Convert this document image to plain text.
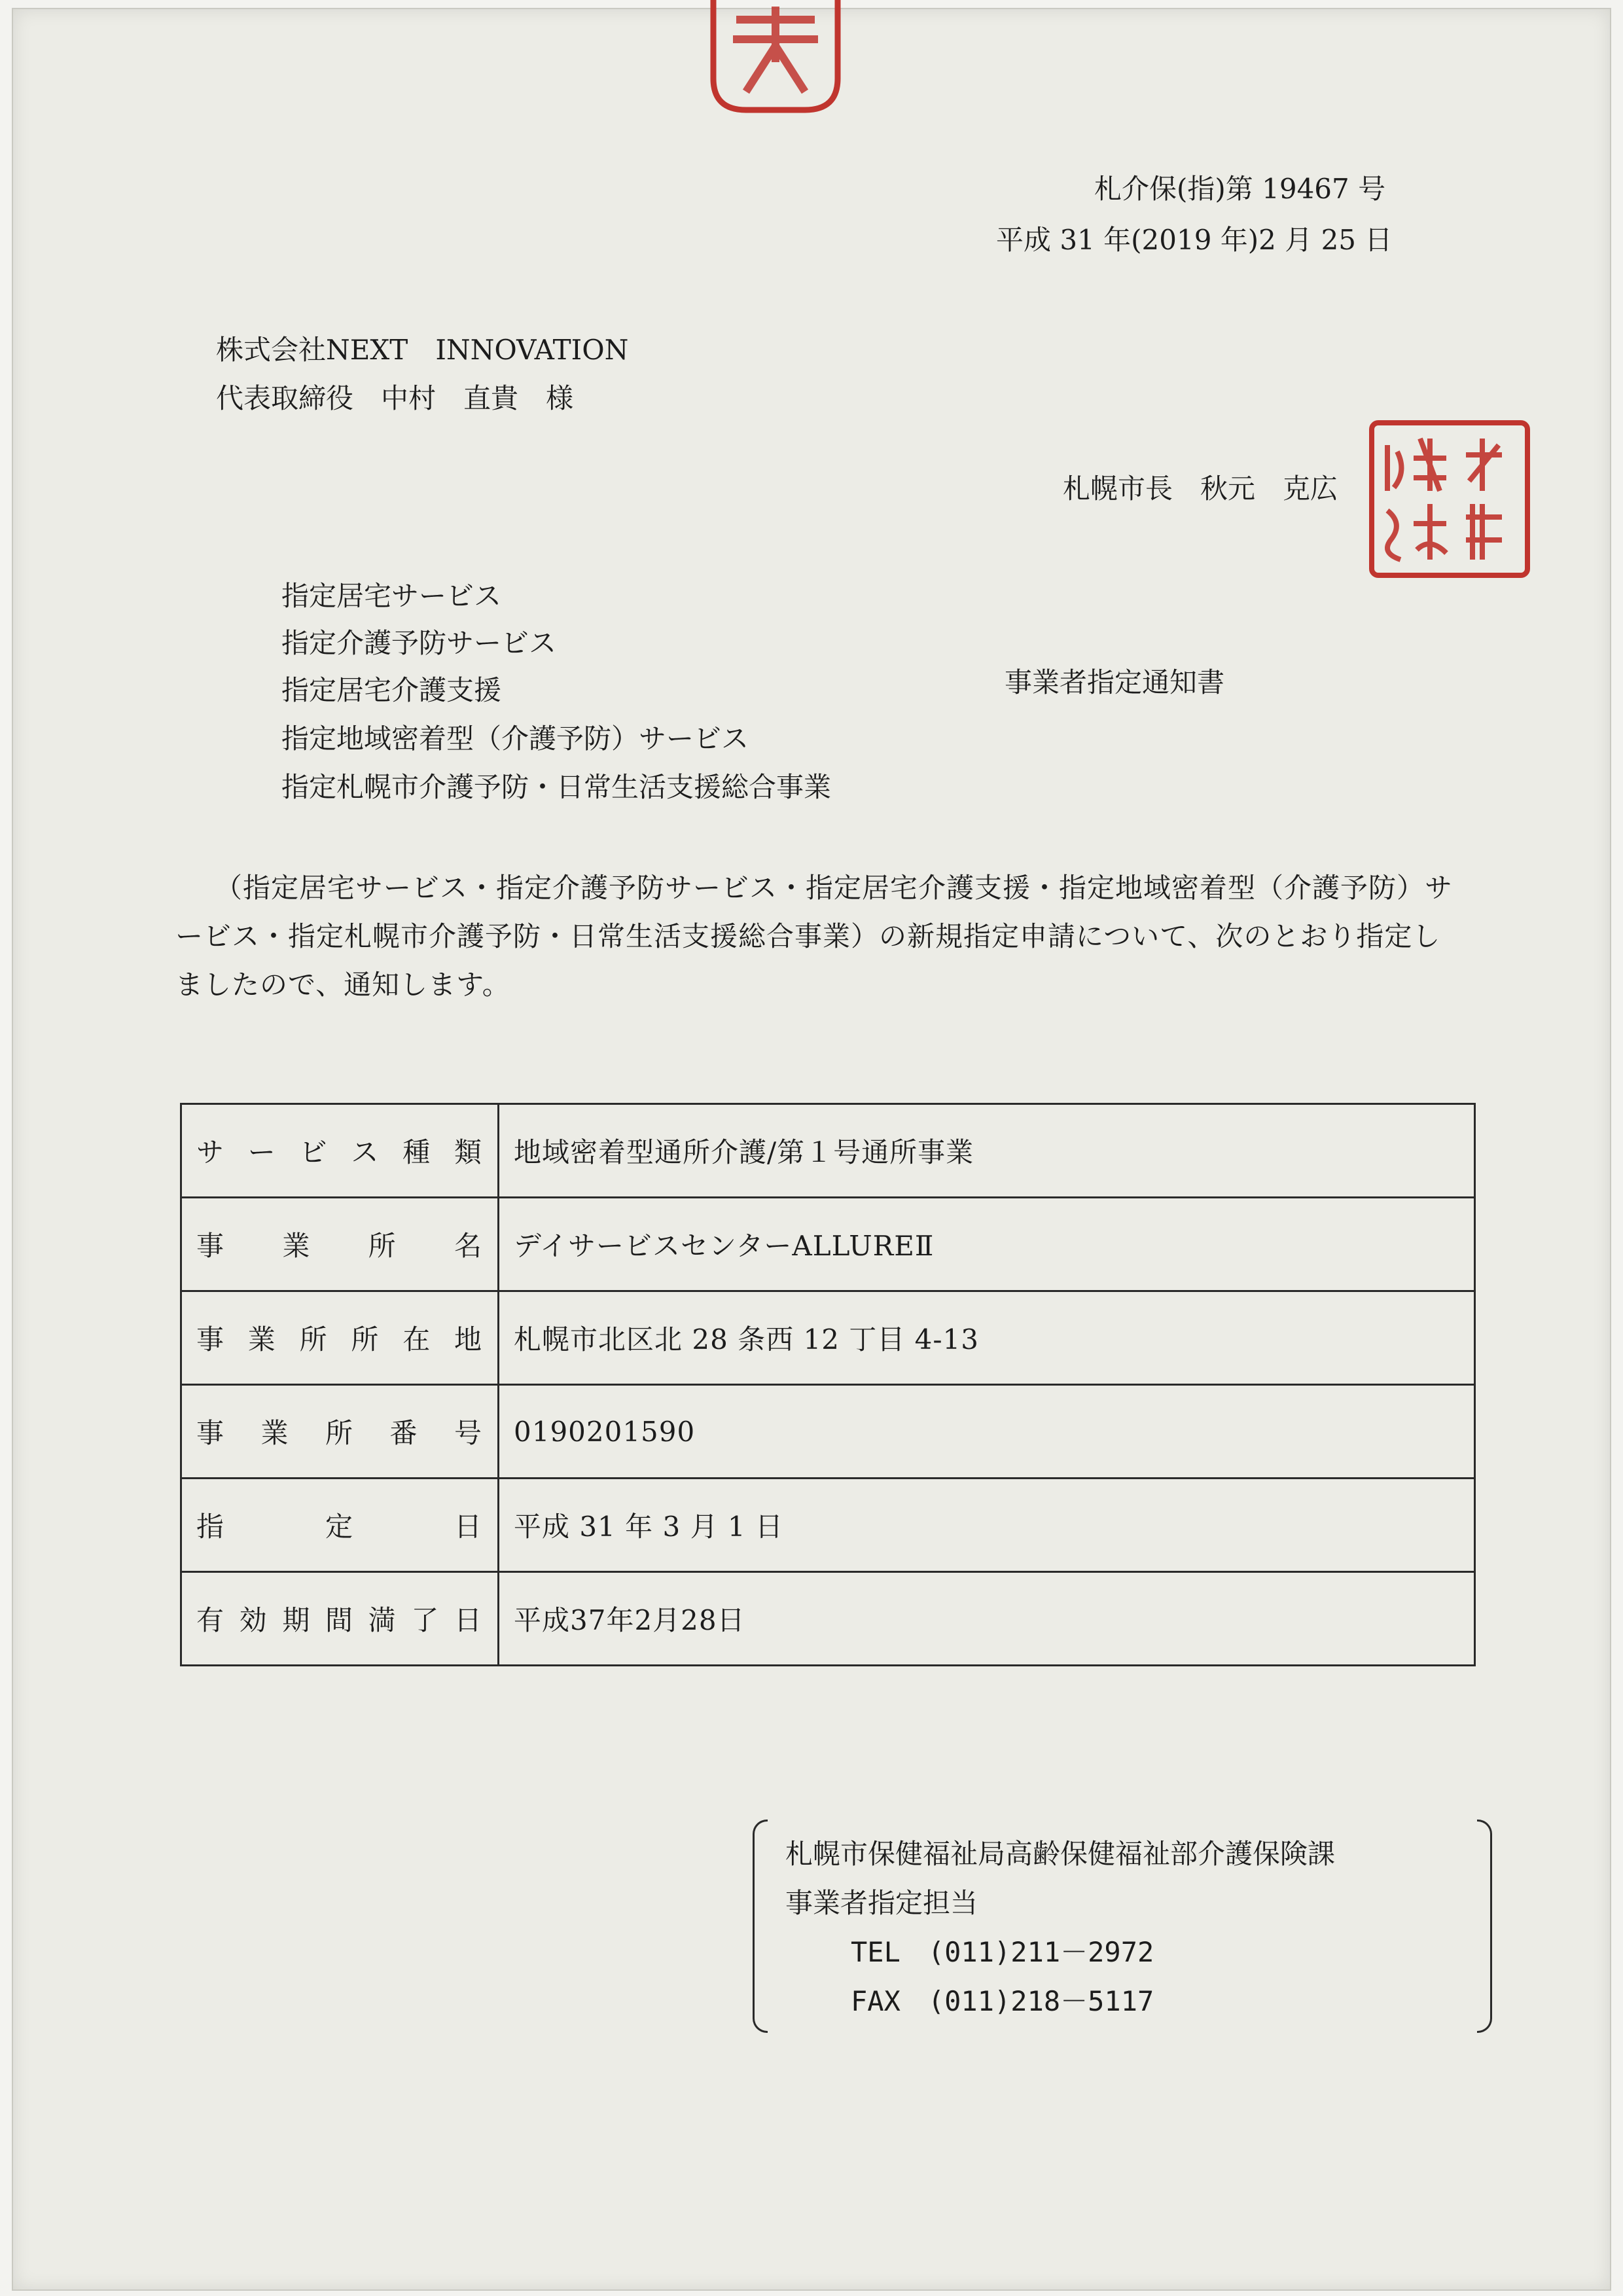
札介保(指)第 19467 号
平成 31 年(2019 年)2 月 25 日
株式会社NEXT　INNOVATION
代表取締役　中村　直貴　様
札幌市長　秋元　克広
指定居宅サービス
指定介護予防サービス
指定居宅介護支援
指定地域密着型（介護予防）サービス
指定札幌市介護予防・日常生活支援総合事業
事業者指定通知書
（指定居宅サービス・指定介護予防サービス・指定居宅介護支援・指定地域密着型（介護予防）サービス・指定札幌市介護予防・日常生活支援総合事業）の新規指定申請について、次のとおり指定しましたので、通知します。
サービス種類	地域密着型通所介護/第１号通所事業
事業所名	デイサービスセンターALLUREⅡ
事業所所在地	札幌市北区北 28 条西 12 丁目 4-13
事業所番号	0190201590
指定日	平成 31 年 3 月 1 日
有効期間満了日	平成37年2月28日
札幌市保健福祉局高齢保健福祉部介護保険課
事業者指定担当
TEL　(011)211－2972
FAX　(011)218－5117
